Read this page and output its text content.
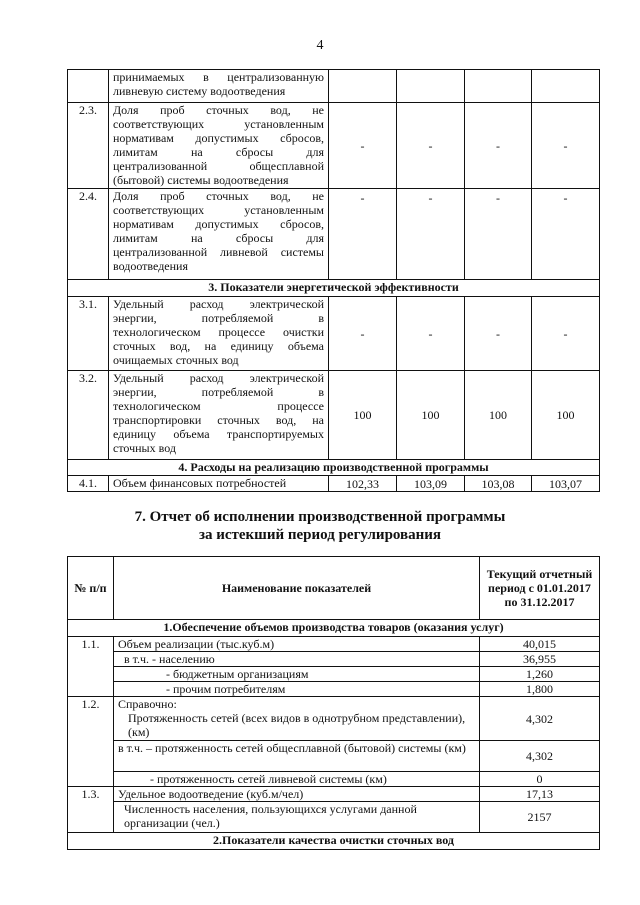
4
	принимаемых в централизованную ливневую систему водоотведения				
2.3.	Доля проб сточных вод, не соответствующих установленным нормативам допустимых сбросов, лимитам на сбросы для централизованной общесплавной (бытовой) системы водоотведения	-	-	-	-
2.4.	Доля проб сточных вод, не соответствующих установленным нормативам допустимых сбросов, лимитам на сбросы для централизованной ливневой системы водоотведения	-	-	-	-
3. Показатели энергетической эффективности					
3.1.	Удельный расход электрической энергии, потребляемой в технологическом процессе очистки сточных вод, на единицу объема очищаемых сточных вод	-	-	-	-
3.2.	Удельный расход электрической энергии, потребляемой в технологическом процессе транспортировки сточных вод, на единицу объема транспортируемых сточных вод	100	100	100	100
4. Расходы на реализацию производственной программы					
4.1.	Объем финансовых потребностей	102,33	103,09	103,08	103,07
7. Отчет об исполнении производственной программы
за истекший период регулирования
№ п/п	Наименование показателей	Текущий отчетный период с 01.01.2017 по 31.12.2017
1.Обеспечение объемов производства товаров (оказания услуг)		
1.1.	Объем реализации (тыс.куб.м)	40,015
	в т.ч. - населению	36,955
	- бюджетным организациям	1,260
	- прочим потребителям	1,800
1.2.	Справочно:
Протяженность сетей (всех видов в однотрубном представлении), (км)	4,302
	в т.ч. – протяженность сетей общесплавной (бытовой) системы (км)	4,302
	- протяженность сетей ливневой системы (км)	0
1.3.	Удельное водоотведение (куб.м/чел)	17,13
	Численность населения, пользующихся услугами данной организации (чел.)	2157
2.Показатели качества очистки сточных вод		
